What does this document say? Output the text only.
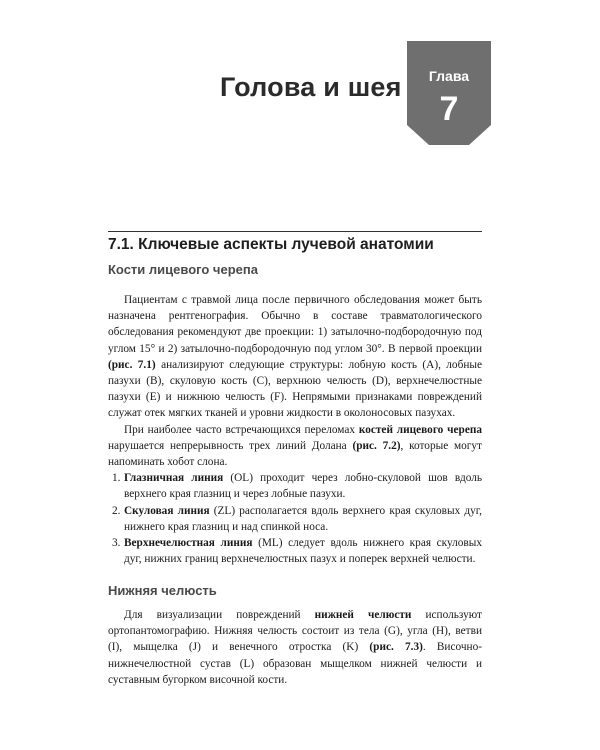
Голова и шея	Глава
7
7.1. Ключевые аспекты лучевой анатомии
Кости лицевого черепа

Пациентам с травмой лица после первичного обследования может быть назначена рентгенография. Обычно в составе травматологического обследования рекомендуют две проекции: 1) затылочно-подбородочную под углом 15° и 2) затылочно-подбородочную под углом 30°. В первой проекции (рис. 7.1) анализируют следующие структуры: лобную кость (A), лобные пазухи (B), скуловую кость (C), верхнюю челюсть (D), верхнечелюстные пазухи (E) и нижнюю челюсть (F). Непрямыми признаками повреждений служат отек мягких тканей и уровни жидкости в околоносовых пазухах.

При наиболее часто встречающихся переломах костей лицевого черепа нарушается непрерывность трех линий Долана (рис. 7.2), которые могут напоминать хобот слона.

1. Глазничная линия (OL) проходит через лобно-скуловой шов вдоль верхнего края глазниц и через лобные пазухи.
2. Скуловая линия (ZL) располагается вдоль верхнего края скуловых дуг, нижнего края глазниц и над спинкой носа.
3. Верхнечелюстная линия (ML) следует вдоль нижнего края скуловых дуг, нижних границ верхнечелюстных пазух и поперек верхней челюсти.
Нижняя челюсть

Для визуализации повреждений нижней челюсти используют ортопантомографию. Нижняя челюсть состоит из тела (G), угла (H), ветви (I), мыщелка (J) и венечного отростка (K) (рис. 7.3). Височно-нижнечелюстной сустав (L) образован мыщелком нижней челюсти и суставным бугорком височной кости.
